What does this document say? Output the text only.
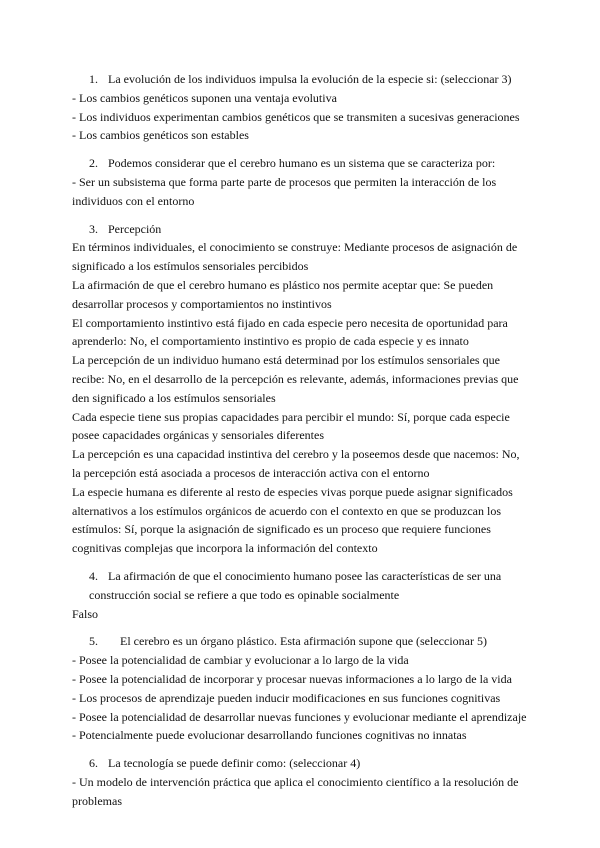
1. La evolución de los individuos impulsa la evolución de la especie si: (seleccionar 3)
- Los cambios genéticos suponen una ventaja evolutiva
- Los individuos experimentan cambios genéticos que se transmiten a sucesivas generaciones
- Los cambios genéticos son estables
2. Podemos considerar que el cerebro humano es un sistema que se caracteriza por:
- Ser un subsistema que forma parte parte de procesos que permiten la interacción de los individuos con el entorno
3. Percepción
En términos individuales, el conocimiento se construye: Mediante procesos de asignación de significado a los estímulos sensoriales percibidos
La afirmación de que el cerebro humano es plástico nos permite aceptar que: Se pueden desarrollar procesos y comportamientos no instintivos
El comportamiento instintivo está fijado en cada especie pero necesita de oportunidad para aprenderlo: No, el comportamiento instintivo es propio de cada especie y es innato
La percepción de un individuo humano está determinad por los estímulos sensoriales que recibe: No, en el desarrollo de la percepción es relevante, además, informaciones previas que den significado a los estímulos sensoriales
Cada especie tiene sus propias capacidades para percibir el mundo: Sí, porque cada especie posee capacidades orgánicas y sensoriales diferentes
La percepción es una capacidad instintiva del cerebro y la poseemos desde que nacemos: No, la percepción está asociada a procesos de interacción activa con el entorno
La especie humana es diferente al resto de especies vivas porque puede asignar significados alternativos a los estímulos orgánicos de acuerdo con el contexto en que se produzcan los estímulos: Sí, porque la asignación de significado es un proceso que requiere funciones cognitivas complejas que incorpora la información del contexto
4. La afirmación de que el conocimiento humano posee las características de ser una construcción social se refiere a que todo es opinable socialmente
Falso
5. El cerebro es un órgano plástico. Esta afirmación supone que (seleccionar 5)
- Posee la potencialidad de cambiar y evolucionar a lo largo de la vida
- Posee la potencialidad de incorporar y procesar nuevas informaciones a lo largo de la vida
- Los procesos de aprendizaje pueden inducir modificaciones en sus funciones cognitivas
- Posee la potencialidad de desarrollar nuevas funciones y evolucionar mediante el aprendizaje
- Potencialmente puede evolucionar desarrollando funciones cognitivas no innatas
6. La tecnología se puede definir como: (seleccionar 4)
- Un modelo de intervención práctica que aplica el conocimiento científico a la resolución de problemas
